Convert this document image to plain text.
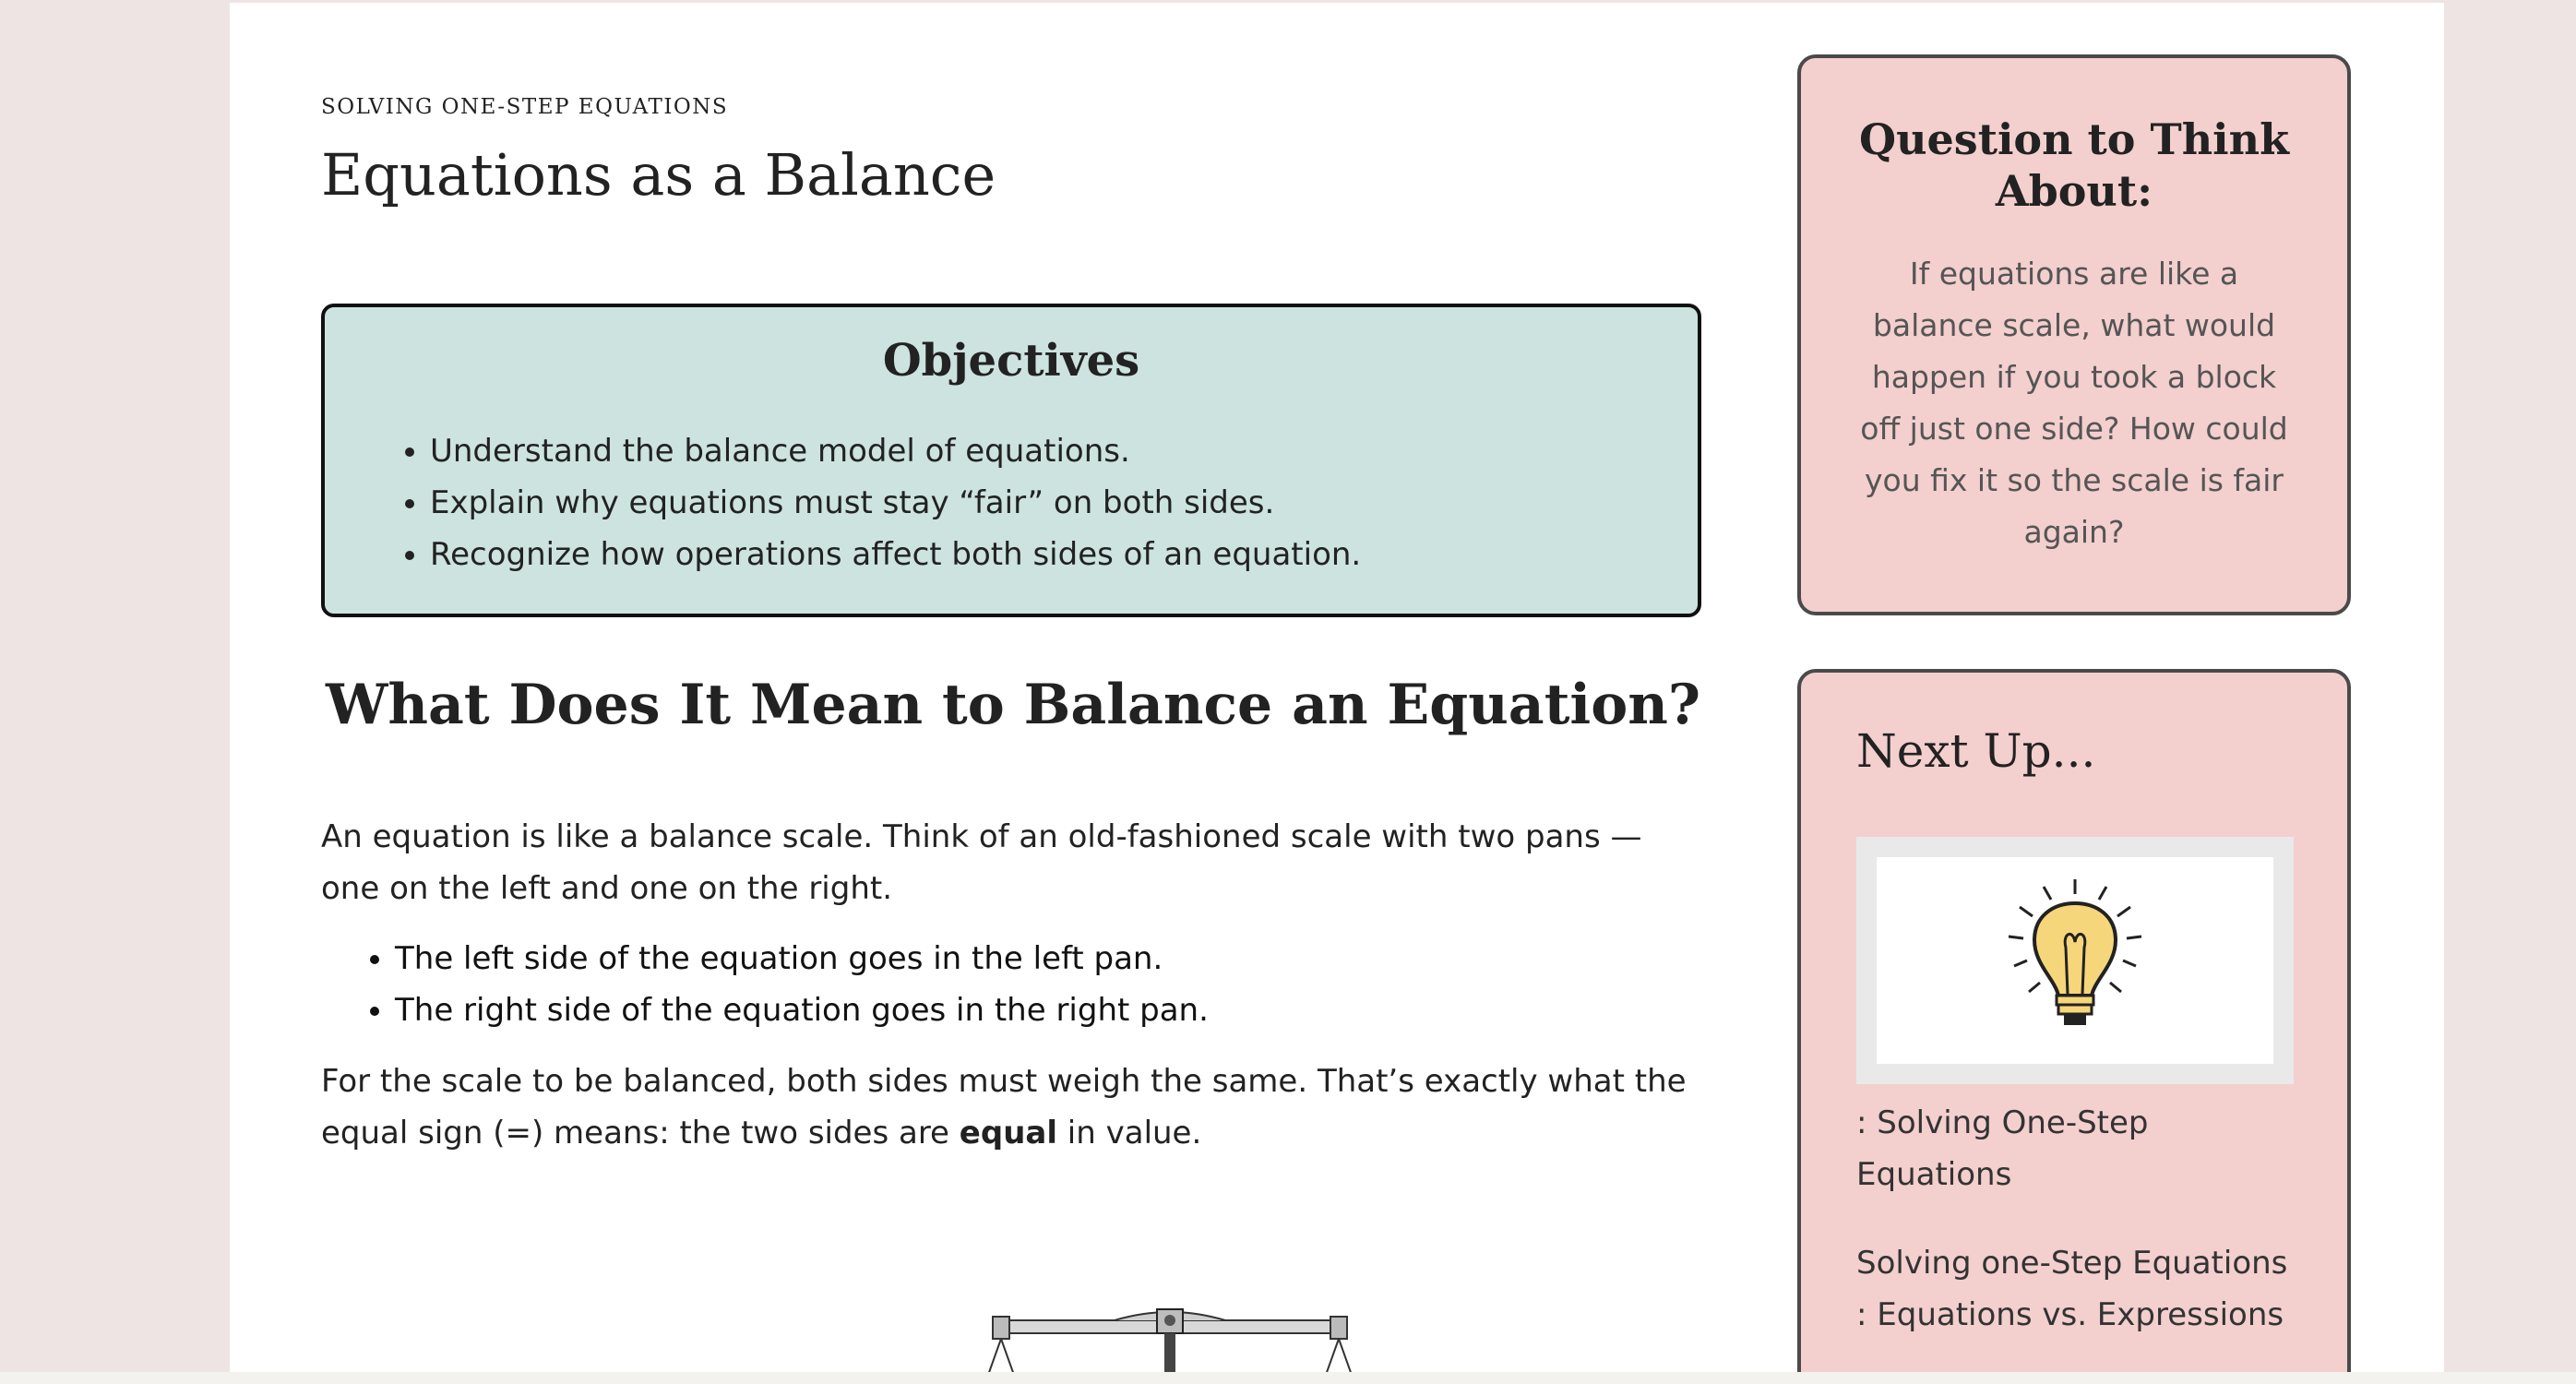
SOLVING ONE-STEP EQUATIONS
Equations as a Balance
Objectives
• Understand the balance model of equations.
• Explain why equations must stay “fair” on both sides.
• Recognize how operations affect both sides of an equation.
What Does It Mean to Balance an Equation?

An equation is like a balance scale. Think of an old-fashioned scale with two pans — one on the left and one on the right.

• The left side of the equation goes in the left pan.
• The right side of the equation goes in the right pan.

For the scale to be balanced, both sides must weigh the same. That’s exactly what the equal sign (=) means: the two sides are equal in value.

Question to Think About:

If equations are like a balance scale, what would happen if you took a block off just one side? How could you fix it so the scale is fair again?

Next Up...

: Solving One-Step Equations

Solving one-Step Equations : Equations vs. Expressions
